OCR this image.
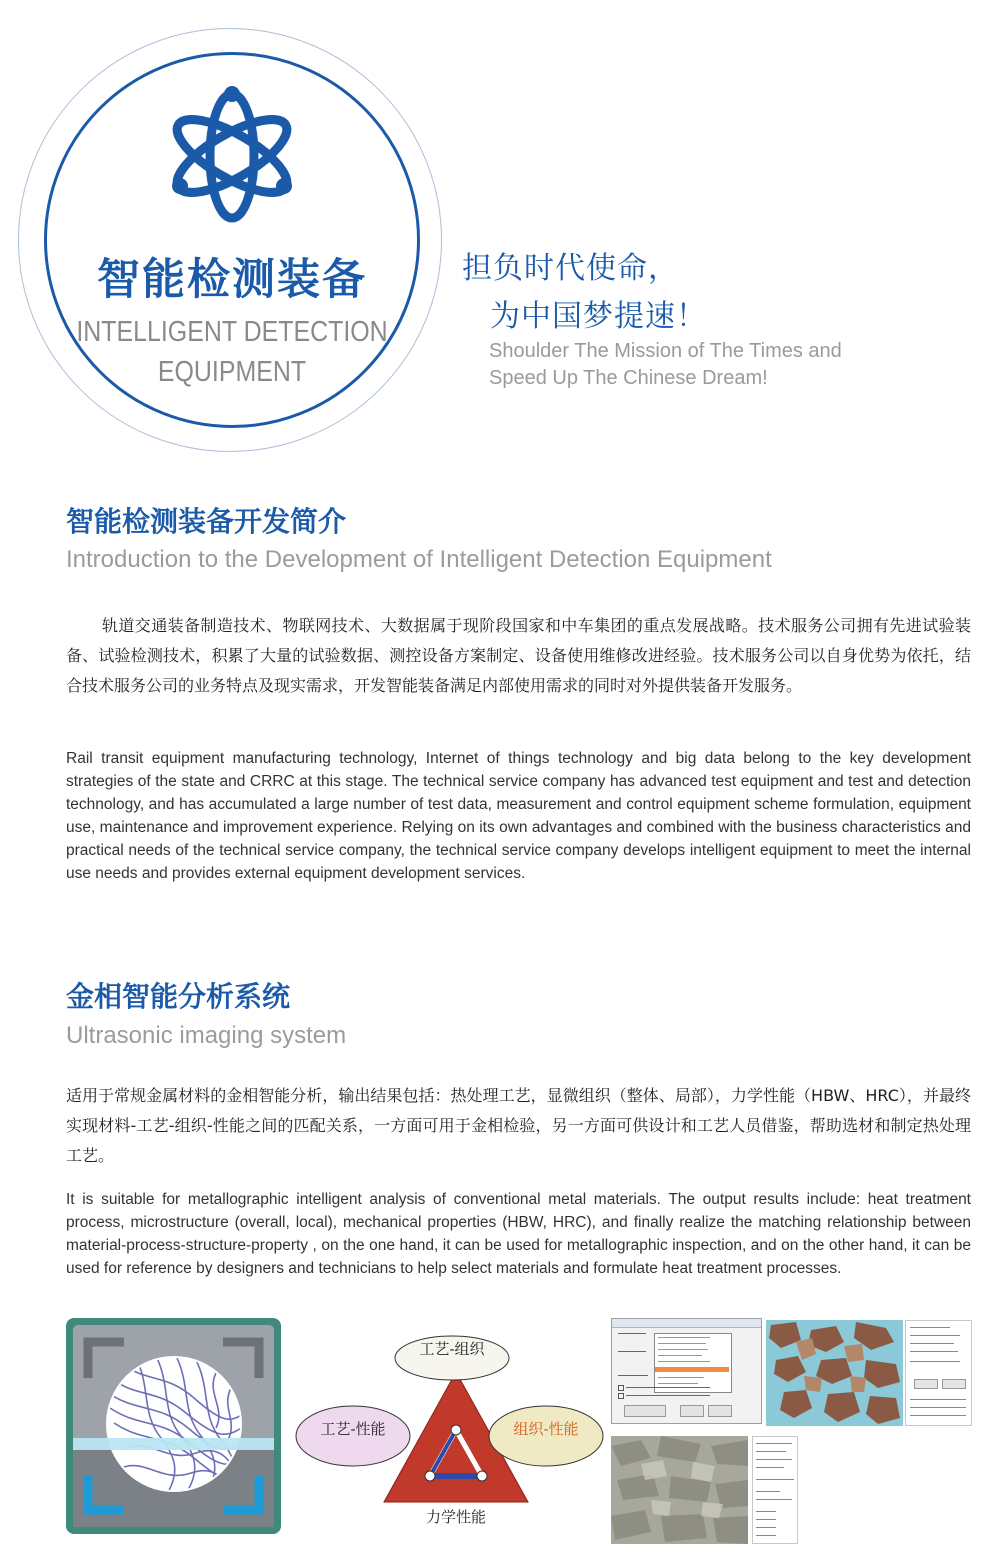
智能检测装备
INTELLIGENT DETECTION
EQUIPMENT
担负时代使命，
为中国梦提速！
Shoulder The Mission of The Times and
Speed Up The Chinese Dream!
智能检测装备开发简介
Introduction to the Development of Intelligent Detection Equipment
轨道交通装备制造技术、物联网技术、大数据属于现阶段国家和中车集团的重点发展战略。技术服务公司拥有先进试验装备、试验检测技术，积累了大量的试验数据、测控设备方案制定、设备使用维修改进经验。技术服务公司以自身优势为依托，结合技术服务公司的业务特点及现实需求，开发智能装备满足内部使用需求的同时对外提供装备开发服务。
Rail transit equipment manufacturing technology, Internet of things technology and big data belong to the key development strategies of the state and CRRC at this stage. The technical service company has advanced test equipment and test and detection technology, and has accumulated a large number of test data, measurement and control equipment scheme formulation, equipment use, maintenance and improvement experience. Relying on its own advantages and combined with the business characteristics and practical needs of the technical service company, the technical service company develops intelligent equipment to meet the internal use needs and provides external equipment development services.
金相智能分析系统
Ultrasonic imaging system
适用于常规金属材料的金相智能分析，输出结果包括：热处理工艺，显微组织（整体、局部），力学性能（HBW、HRC），并最终实现材料-工艺-组织-性能之间的匹配关系，一方面可用于金相检验，另一方面可供设计和工艺人员借鉴，帮助选材和制定热处理工艺。
It is suitable for metallographic intelligent analysis of conventional metal materials. The output results include: heat treatment process, microstructure (overall, local), mechanical properties (HBW, HRC), and finally realize the matching relationship between material-process-structure-property , on the one hand, it can be used for metallographic inspection, and on the other hand, it can be used for reference by designers and technicians to help select materials and formulate heat treatment processes.
工艺-组织
工艺-性能	组织-性能
力学性能
